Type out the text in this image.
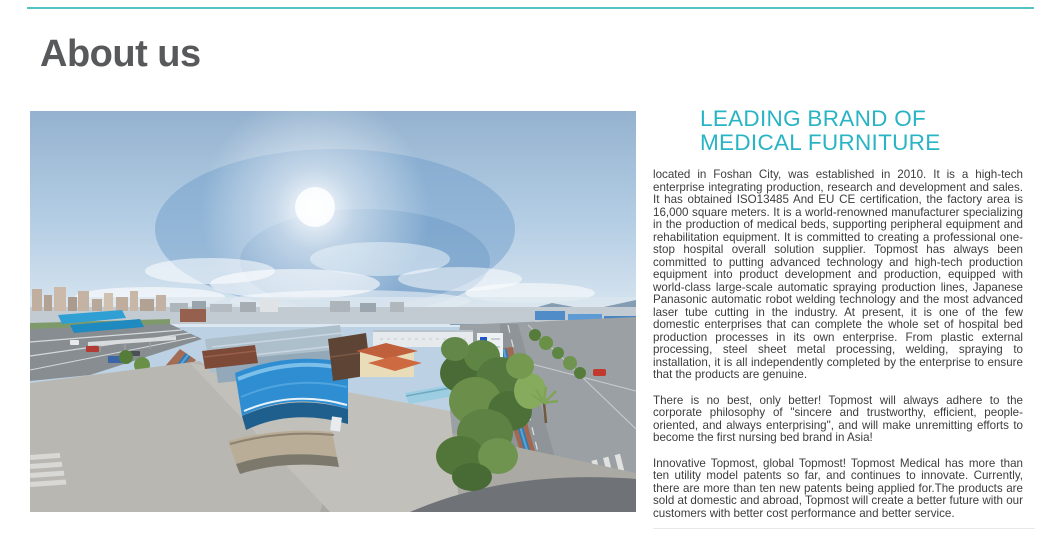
About us
LEADING BRAND OF
MEDICAL FURNITURE

located in Foshan City, was established in 2010. It is a high-tech enterprise integrating production, research and development and sales. It has obtained ISO13485 And EU CE certification, the factory area is 16,000 square meters. It is a world-renowned manufacturer specializing in the production of medical beds, supporting peripheral equipment and rehabilitation equipment. It is committed to creating a professional one-stop hospital overall solution supplier. Topmost has always been committed to putting advanced technology and high-tech production equipment into product development and production, equipped with world-class large-scale automatic spraying production lines, Japanese Panasonic automatic robot welding technology and the most advanced laser tube cutting in the industry. At present, it is one of the few domestic enterprises that can complete the whole set of hospital bed production processes in its own enterprise. From plastic external processing, steel sheet metal processing, welding, spraying to installation, it is all independently completed by the enterprise to ensure that the products are genuine.

There is no best, only better! Topmost will always adhere to the corporate philosophy of "sincere and trustworthy, efficient, people-oriented, and always enterprising", and will make unremitting efforts to become the first nursing bed brand in Asia!

Innovative Topmost, global Topmost! Topmost Medical has more than ten utility model patents so far, and continues to innovate. Currently, there are more than ten new patents being applied for.The products are sold at domestic and abroad, Topmost will create a better future with our customers with better cost performance and better service.
